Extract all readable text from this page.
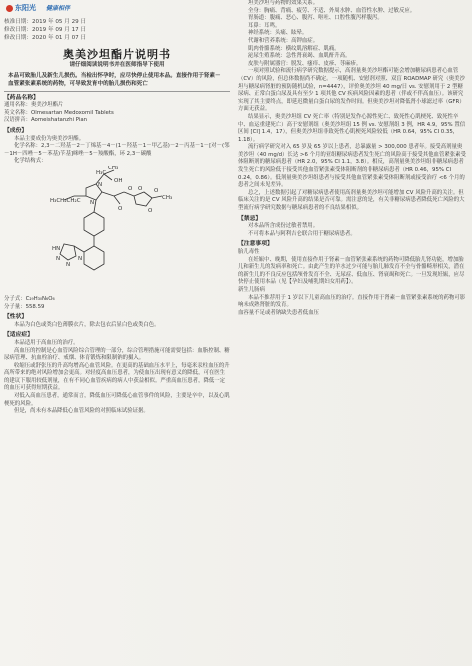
东阳光 健康相伴
核准日期：2019 年 05 月 29 日
修改日期：2019 年 09 月 17 日
修改日期：2020 年 01 月 07 日
奥美沙坦酯片说明书
请仔细阅读说明书并在医师指导下使用
本品可致胎儿及新生儿损伤。当检出怀孕时，应尽快停止使用本品。直接作用于肾素－血管紧张素系统的药物，可导致发育中的胎儿损伤和死亡
【药品名称】
通用名称：奥美沙坦酯片
英文名称：Olmesartan Medoxomil Tablets
汉语拼音：Aomeishatanzhi Pian
【成份】
本品主要成份为奥美沙坦酯。
化学名称：2,3－二羟基－2－丁烯基－4－(1－羟基－1－甲乙基)－2－丙基－1－[对－(邻－1H－四唑－5－苯基)苄基]咪唑－5－羧酸酯，环 2,3－碳酸
化学结构式：
H₃CH₂CH₂C
N
N
CH₃
OH
H₃C
O
O
O
O
CH₃
O
HN
N
N
N
分子式：C₂₉H₃₀N₆O₆
分子量：558.59
【性状】
本品为白色或类白色薄膜衣片，除去包衣后显白色或类白色。
【适应症】
本品适用于高血压的治疗。
高血压的控制是心血管风险综合管理的一部分，综合管理措施可能需要包括：血脂控制、糖尿病管理、抗血栓治疗、戒烟、体育锻炼和限制钠的摄入。
收缩压或舒张压的升高均增高心血管风险。在更高的基础血压水平上，每毫米汞柱血压的升高所带来的绝对风险增加会更高。对轻度高血压患者，为使血压出现有意义的降低，可在医生的建议下服用较低剂量，在有不同心血管疾病的病人中获益相似。严重高血压患者，降低一定的血压可获得短期获益。
对低入高血压患者，通常而言，降低血压可降低心血管事件的风险，主要是卒中，以及心肌梗死的风险。
但是，尚未有本品降低心血管风险的对照临床试验证据。
坦美沙坦与药物的效果关系。
全身：胸痛、背痛、疲劳、不适、外周水肿、血管性水肿、过敏反应。
胃肠道：腹痛、恶心、腹泻、呕吐、口腔性腹泻样腹泻。
耳鼻：耳鸣。
神经系统：头痛、眩晕。
代谢和营养系统：高钾血症。
肌肉骨骼系统：横纹肌溶解症、肌痛。
泌尿生殖系统：急性肾衰竭、血肌酐升高。
皮肤与附属器官：脱发、瘙痒、皮疹、荨麻疹。
一项对照试验和流行病学研究数据提示，高剂量奥美沙坦酯可能会增加糖尿病患者心血管（CV）的风险，但总体数据尚不确定。一项随机、安慰剂对照、双盲 ROADMAP 研究（奥美沙坦与糖尿病肾脏的预防随机试验，n=4447），评价奥美沙坦 40 mg/日 vs. 安慰剂用于 2 型糖尿病、正常白蛋白尿及具有至少 1 项其他 CV 疾病风险因素的患者（伴或不伴高血压）。该研究实现了其主要终点，即延迟微量白蛋白尿的发作时间。但奥美沙坦对降低肾小球滤过率（GFR）方面无获益。
结果显示，奥美沙坦组 CV 死亡率（特别是发作心源性死亡、致死性心肌梗死、致死性卒中、血运重建死亡）高于安慰剂组（奥美沙坦组 15 例 vs. 安慰剂组 3 例，HR 4.9，95% 置信区间 [CI] 1.4，17），但奥美沙坦组非致死性心肌梗死风险较低（HR 0.64，95% CI 0.35，1.18）。
流行病学研究对入 65 岁及 65 岁以上患者，总暴露量 > 300,000 患者年。接受高剂量奥美沙坦（40 mg/d）长达 >6 个月的亚组糖尿病患者发生死亡的风险高于接受其他血管紧张素受体阻断剂的糖尿病患者（HR 2.0，95% CI 1.1，3.8）。相反，高剂量奥美沙坦组非糖尿病患者发生死亡的风险低于接受其他血管紧张素受体阻断剂的非糖尿病患者（HR 0.46，95% CI 0.24，0.86）。低剂量奥美沙坦组患者与接受其他血管紧张素受体阻断剂或接受治疗 <6 个月的患者之间未见差异。
总之，上述数据引起了对糖尿病患者使用高剂量奥美沙坦可能增加 CV 风险升高的关注。但临床关注的是 CV 风险升高的结果是否可靠。需注意的是，有关非糖尿病患者降低死亡风险的大型流行病学研究数据与糖尿病患者的不良结果相似。
【禁忌】
对本品所含成份过敏者禁用。
不可将本品与阿利吉仑联合用于糖尿病患者。
【注意事项】
胎儿毒性
在妊娠中、晚期，使用直接作用于肾素－血管紧张素系统的药物可降低胎儿肾功能，增加胎儿和新生儿的发病率和死亡。由此产生的羊水过少可能与胎儿肺发育不全与骨骼畸形相关，潜在的新生儿的不良反应包括颅骨发育不全、无尿症、低血压、肾衰竭和死亡。一旦发现妊娠，应尽快停止使用本品（见【孕妇及哺乳期妇女用药】）。
新生儿肠病
本品不推荐用于 1 岁以下儿童高血压的治疗。直接作用于肾素－血管紧张素系统的药物可影响未成熟肾脏的发育。
血容量不足或者钠缺失患者低血压
